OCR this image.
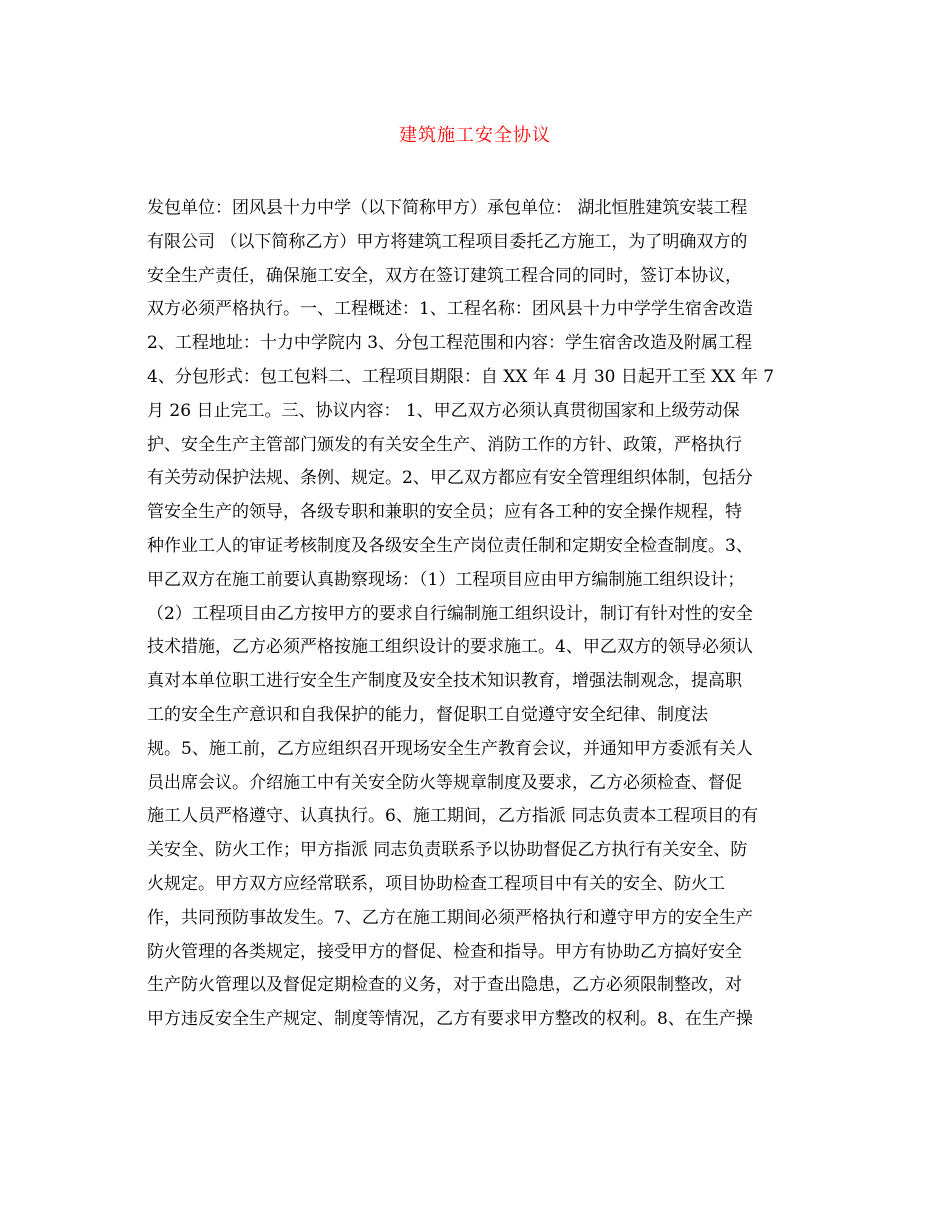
建筑施工安全协议
发包单位：团风县十力中学（以下简称甲方）承包单位： 湖北恒胜建筑安装工程
有限公司 （以下简称乙方）甲方将建筑工程项目委托乙方施工，为了明确双方的
安全生产责任，确保施工安全，双方在签订建筑工程合同的同时，签订本协议，
双方必须严格执行。一、工程概述：1、工程名称：团风县十力中学学生宿舍改造
2、工程地址：十力中学院内 3、分包工程范围和内容：学生宿舍改造及附属工程
4、分包形式：包工包料二、工程项目期限：自 XX 年 4 月 30 日起开工至 XX 年 7
月 26 日止完工。三、协议内容： 1、甲乙双方必须认真贯彻国家和上级劳动保
护、安全生产主管部门颁发的有关安全生产、消防工作的方针、政策，严格执行
有关劳动保护法规、条例、规定。2、甲乙双方都应有安全管理组织体制，包括分
管安全生产的领导，各级专职和兼职的安全员；应有各工种的安全操作规程，特
种作业工人的审证考核制度及各级安全生产岗位责任制和定期安全检查制度。3、
甲乙双方在施工前要认真勘察现场：（1）工程项目应由甲方编制施工组织设计；
（2）工程项目由乙方按甲方的要求自行编制施工组织设计，制订有针对性的安全
技术措施，乙方必须严格按施工组织设计的要求施工。4、甲乙双方的领导必须认
真对本单位职工进行安全生产制度及安全技术知识教育，增强法制观念，提高职
工的安全生产意识和自我保护的能力，督促职工自觉遵守安全纪律、制度法
规。5、施工前，乙方应组织召开现场安全生产教育会议，并通知甲方委派有关人
员出席会议。介绍施工中有关安全防火等规章制度及要求，乙方必须检查、督促
施工人员严格遵守、认真执行。6、施工期间，乙方指派 同志负责本工程项目的有
关安全、防火工作；甲方指派 同志负责联系予以协助督促乙方执行有关安全、防
火规定。甲方双方应经常联系，项目协助检查工程项目中有关的安全、防火工
作，共同预防事故发生。7、乙方在施工期间必须严格执行和遵守甲方的安全生产
防火管理的各类规定，接受甲方的督促、检查和指导。甲方有协助乙方搞好安全
生产防火管理以及督促定期检查的义务，对于查出隐患，乙方必须限制整改，对
甲方违反安全生产规定、制度等情况，乙方有要求甲方整改的权利。8、在生产操
